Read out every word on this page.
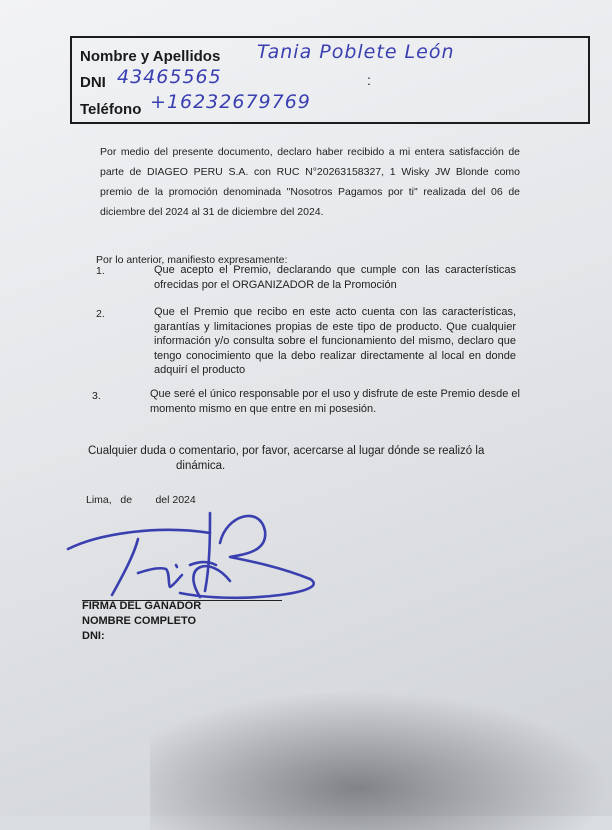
Nombre y Apellidos Tania Poblete León
DNI 43465565	:
Teléfono +16232679769
Por medio del presente documento, declaro haber recibido a mi entera satisfacción de parte de DIAGEO PERU S.A. con RUC N°20263158327, 1 Wisky JW Blonde como premio de la promoción denominada "Nosotros Pagamos por ti" realizada del 06 de diciembre del 2024 al 31 de diciembre del 2024.
Por lo anterior, manifiesto expresamente:
1.	Que acepto el Premio, declarando que cumple con las características ofrecidas por el ORGANIZADOR de la Promoción
2.	Que el Premio que recibo en este acto cuenta con las características, garantías y limitaciones propias de este tipo de producto. Que cualquier información y/o consulta sobre el funcionamiento del mismo, declaro que tengo conocimiento que la debo realizar directamente al local en donde adquirí el producto
3.	Que seré el único responsable por el uso y disfrute de este Premio desde el momento mismo en que entre en mi posesión.
Cualquier duda o comentario, por favor, acercarse al lugar dónde se realizó la
dinámica.
Lima,   de        del 2024
FIRMA DEL GANADOR
NOMBRE COMPLETO
DNI:
